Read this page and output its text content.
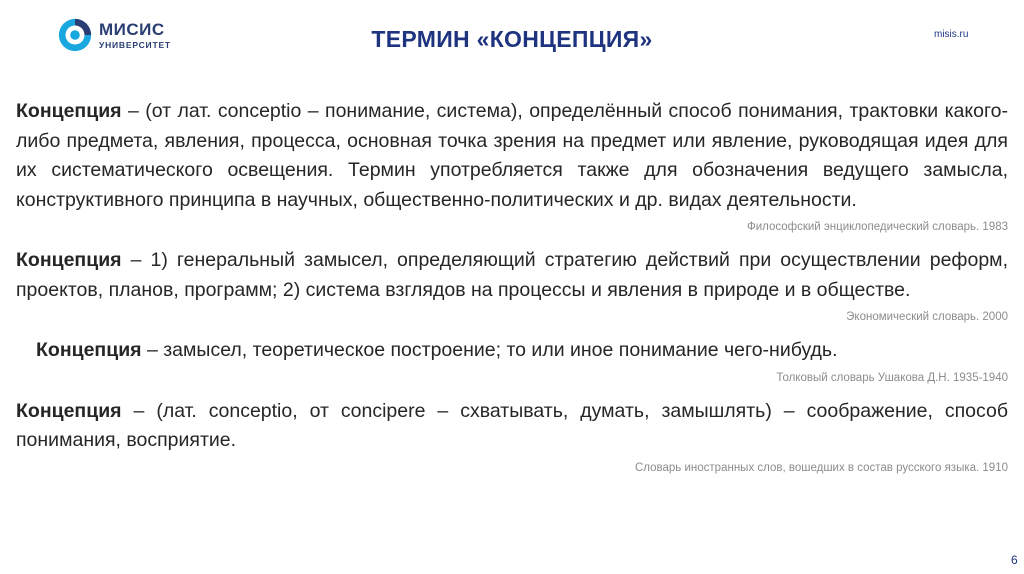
МИСИС
УНИВЕРСИТЕТ	ТЕРМИН «КОНЦЕПЦИЯ»	misis.ru

Концепция – (от лат. conceptio – понимание, система), определённый способ понимания, трактовки какого-либо предмета, явления, процесса, основная точка зрения на предмет или явление, руководящая идея для их систематического освещения. Термин употребляется также для обозначения ведущего замысла, конструктивного принципа в научных, общественно-политических и др. видах деятельности.

Философский энциклопедический словарь. 1983

Концепция – 1) генеральный замысел, определяющий стратегию действий при осуществлении реформ, проектов, планов, программ; 2) система взглядов на процессы и явления в природе и в обществе.

Экономический словарь. 2000

Концепция – замысел, теоретическое построение; то или иное понимание чего-нибудь.

Толковый словарь Ушакова Д.Н. 1935-1940

Концепция – (лат. conceptio, от concipere – схватывать, думать, замышлять) – соображение, способ понимания, восприятие.

Словарь иностранных слов, вошедших в состав русского языка. 1910
6
